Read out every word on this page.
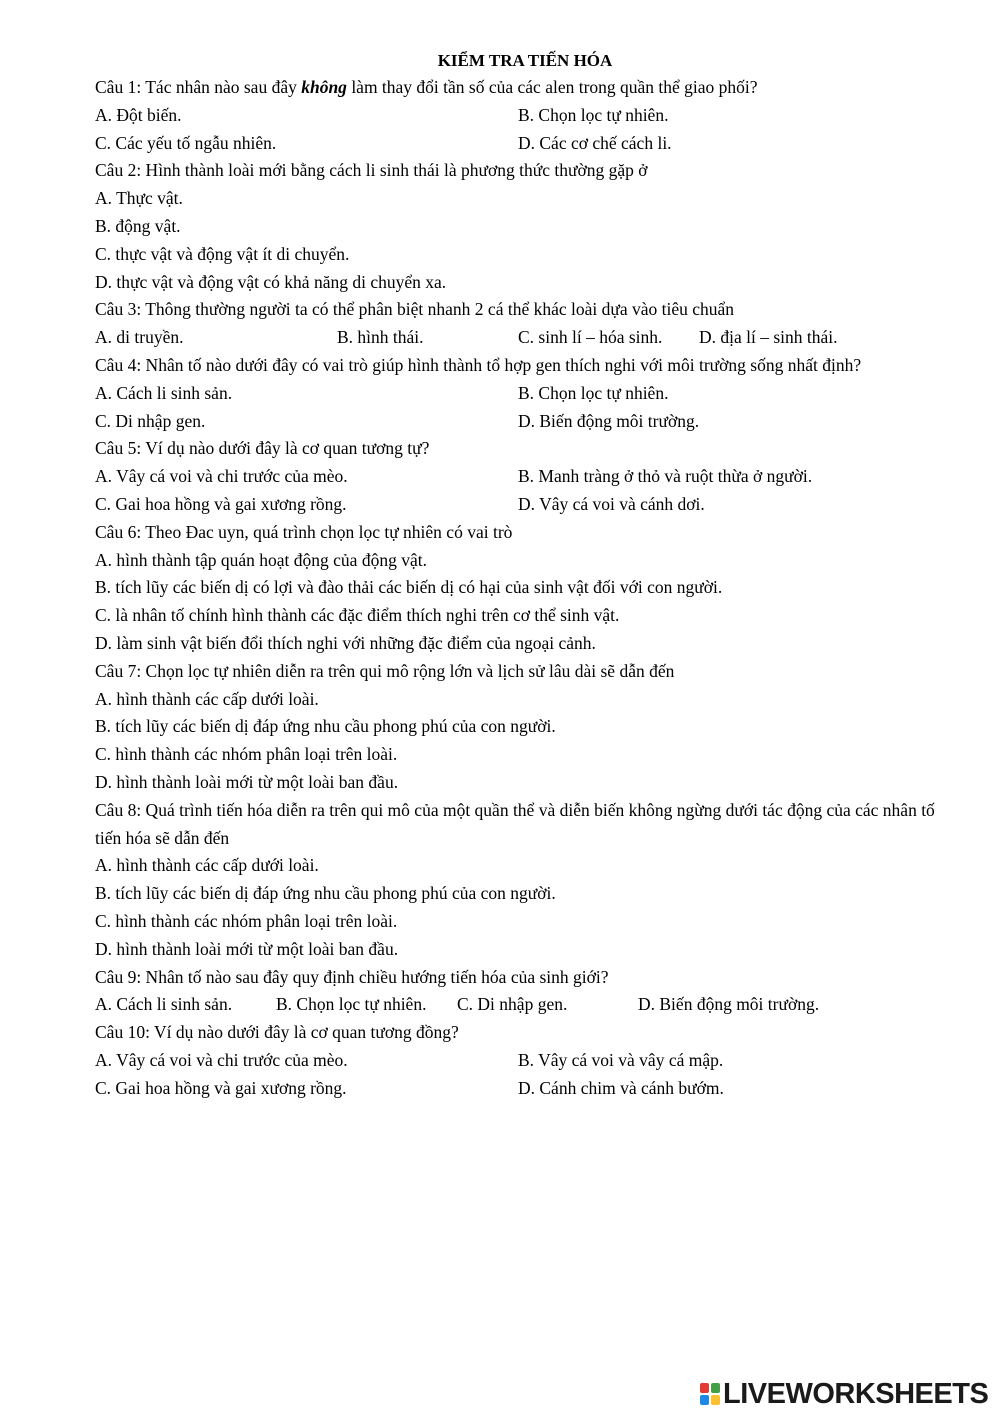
KIỂM TRA TIẾN HÓA
Câu 1: Tác nhân nào sau đây không làm thay đổi tần số của các alen trong quần thể giao phối?
A. Đột biến.	B. Chọn lọc tự nhiên.
C. Các yếu tố ngẫu nhiên.	D. Các cơ chế cách li.
Câu 2: Hình thành loài mới bằng cách li sinh thái là phương thức thường gặp ở
A. Thực vật.
B. động vật.
C. thực vật và động vật ít di chuyển.
D. thực vật và động vật có khả năng di chuyển xa.
Câu 3: Thông thường người ta có thể phân biệt nhanh 2 cá thể khác loài dựa vào tiêu chuẩn
A. di truyền.	B. hình thái.	C. sinh lí – hóa sinh. D. địa lí – sinh thái.
Câu 4: Nhân tố nào dưới đây có vai trò giúp hình thành tổ hợp gen thích nghi với môi trường sống nhất định?
A. Cách li sinh sản.	B. Chọn lọc tự nhiên.
C. Di nhập gen.	D. Biến động môi trường.
Câu 5: Ví dụ nào dưới đây là cơ quan tương tự?
A. Vây cá voi và chi trước của mèo.	B. Manh tràng ở thỏ và ruột thừa ở người.
C. Gai hoa hồng và gai xương rồng.	D. Vây cá voi và cánh dơi.
Câu 6: Theo Đac uyn, quá trình chọn lọc tự nhiên có vai trò
A. hình thành tập quán hoạt động của động vật.
B. tích lũy các biến dị có lợi và đào thải các biến dị có hại của sinh vật đối với con người.
C. là nhân tố chính hình thành các đặc điểm thích nghi trên cơ thể sinh vật.
D. làm sinh vật biến đổi thích nghi với những đặc điểm của ngoại cảnh.
Câu 7: Chọn lọc tự nhiên diễn ra trên qui mô rộng lớn và lịch sử lâu dài sẽ dẫn đến
A. hình thành các cấp dưới loài.
B. tích lũy các biến dị đáp ứng nhu cầu phong phú của con người.
C. hình thành các nhóm phân loại trên loài.
D. hình thành loài mới từ một loài ban đầu.
Câu 8: Quá trình tiến hóa diễn ra trên qui mô của một quần thể và diễn biến không ngừng dưới tác động của các nhân tố tiến hóa sẽ dẫn đến
A. hình thành các cấp dưới loài.
B. tích lũy các biến dị đáp ứng nhu cầu phong phú của con người.
C. hình thành các nhóm phân loại trên loài.
D. hình thành loài mới từ một loài ban đầu.
Câu 9: Nhân tố nào sau đây quy định chiều hướng tiến hóa của sinh giới?
A. Cách li sinh sản.	B. Chọn lọc tự nhiên. C. Di nhập gen.	D. Biến động môi trường.
Câu 10: Ví dụ nào dưới đây là cơ quan tương đồng?
A. Vây cá voi và chi trước của mèo.	B. Vây cá voi và vây cá mập.
C. Gai hoa hồng và gai xương rồng.	D. Cánh chim và cánh bướm.
LIVEWORKSHEETS
